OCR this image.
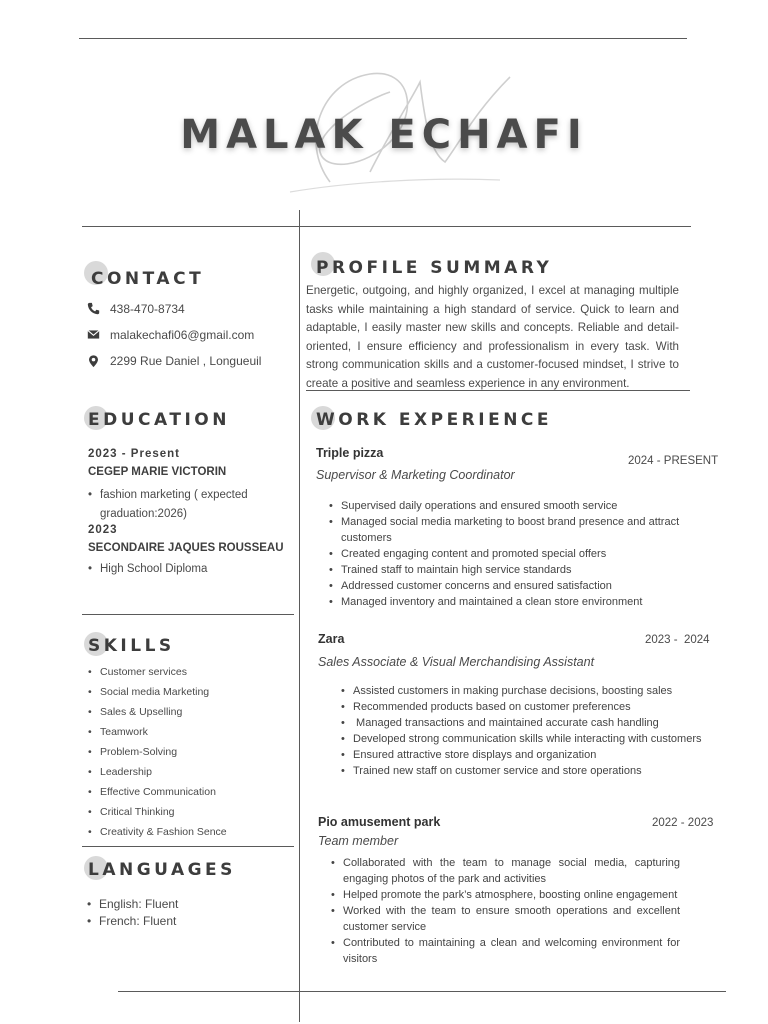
MALAK ECHAFI
CONTACT
438-470-8734
malakechafi06@gmail.com
2299 Rue Daniel , Longueuil
PROFILE SUMMARY
Energetic, outgoing, and highly organized, I excel at managing multiple tasks while maintaining a high standard of service. Quick to learn and adaptable, I easily master new skills and concepts. Reliable and detail-oriented, I ensure efficiency and professionalism in every task. With strong communication skills and a customer-focused mindset, I strive to create a positive and seamless experience in any environment.
EDUCATION
2023 - Present
CEGEP MARIE VICTORIN
• fashion marketing ( expected graduation:2026)
2023
SECONDAIRE JAQUES ROUSSEAU
• High School Diploma
SKILLS
• Customer services
• Social media Marketing
• Sales & Upselling
• Teamwork
• Problem-Solving
• Leadership
• Effective Communication
• Critical Thinking
• Creativity & Fashion Sence
LANGUAGES
• English: Fluent
• French: Fluent
WORK EXPERIENCE
Triple pizza
2024 - PRESENT
Supervisor & Marketing Coordinator
• Supervised daily operations and ensured smooth service
• Managed social media marketing to boost brand presence and attract customers
• Created engaging content and promoted special offers
• Trained staff to maintain high service standards
• Addressed customer concerns and ensured satisfaction
• Managed inventory and maintained a clean store environment
Zara	2023 -  2024
Sales Associate & Visual Merchandising Assistant
• Assisted customers in making purchase decisions, boosting sales
• Recommended products based on customer preferences
•  Managed transactions and maintained accurate cash handling
• Developed strong communication skills while interacting with customers
• Ensured attractive store displays and organization
• Trained new staff on customer service and store operations
Pio amusement park	2022 - 2023
Team member
• Collaborated with the team to manage social media, capturing engaging photos of the park and activities
• Helped promote the park’s atmosphere, boosting online engagement
• Worked with the team to ensure smooth operations and excellent customer service
• Contributed to maintaining a clean and welcoming environment for visitors
